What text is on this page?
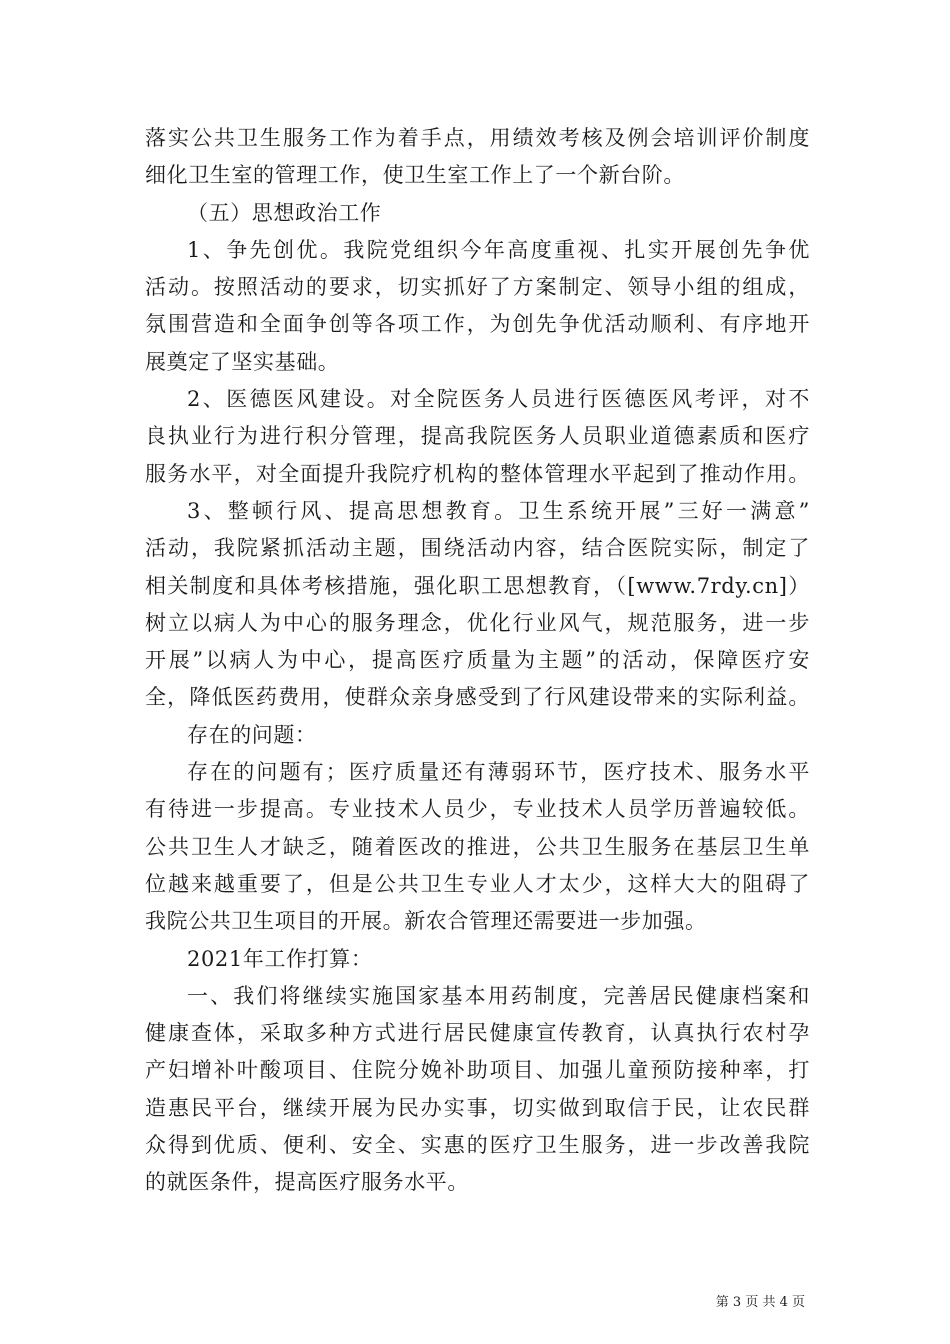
落实公共卫生服务工作为着手点，用绩效考核及例会培训评价制度
细化卫生室的管理工作，使卫生室工作上了一个新台阶。
（五）思想政治工作
1、争先创优。我院党组织今年高度重视、扎实开展创先争优
活动。按照活动的要求，切实抓好了方案制定、领导小组的组成，
氛围营造和全面争创等各项工作，为创先争优活动顺利、有序地开
展奠定了坚实基础。
2、医德医风建设。对全院医务人员进行医德医风考评，对不
良执业行为进行积分管理，提高我院医务人员职业道德素质和医疗
服务水平，对全面提升我院疗机构的整体管理水平起到了推动作用。
3、整顿行风、提高思想教育。卫生系统开展”三好一满意”
活动，我院紧抓活动主题，围绕活动内容，结合医院实际，制定了
相关制度和具体考核措施，强化职工思想教育，（[www.7rdy.cn]）
树立以病人为中心的服务理念，优化行业风气，规范服务，进一步
开展”以病人为中心，提高医疗质量为主题”的活动，保障医疗安
全，降低医药费用，使群众亲身感受到了行风建设带来的实际利益。
存在的问题：
存在的问题有；医疗质量还有薄弱环节，医疗技术、服务水平
有待进一步提高。专业技术人员少，专业技术人员学历普遍较低。
公共卫生人才缺乏，随着医改的推进，公共卫生服务在基层卫生单
位越来越重要了，但是公共卫生专业人才太少，这样大大的阻碍了
我院公共卫生项目的开展。新农合管理还需要进一步加强。
2021年工作打算：
一、我们将继续实施国家基本用药制度，完善居民健康档案和
健康查体，采取多种方式进行居民健康宣传教育，认真执行农村孕
产妇增补叶酸项目、住院分娩补助项目、加强儿童预防接种率，打
造惠民平台，继续开展为民办实事，切实做到取信于民，让农民群
众得到优质、便利、安全、实惠的医疗卫生服务，进一步改善我院
的就医条件，提高医疗服务水平。
第 3 页 共 4 页
